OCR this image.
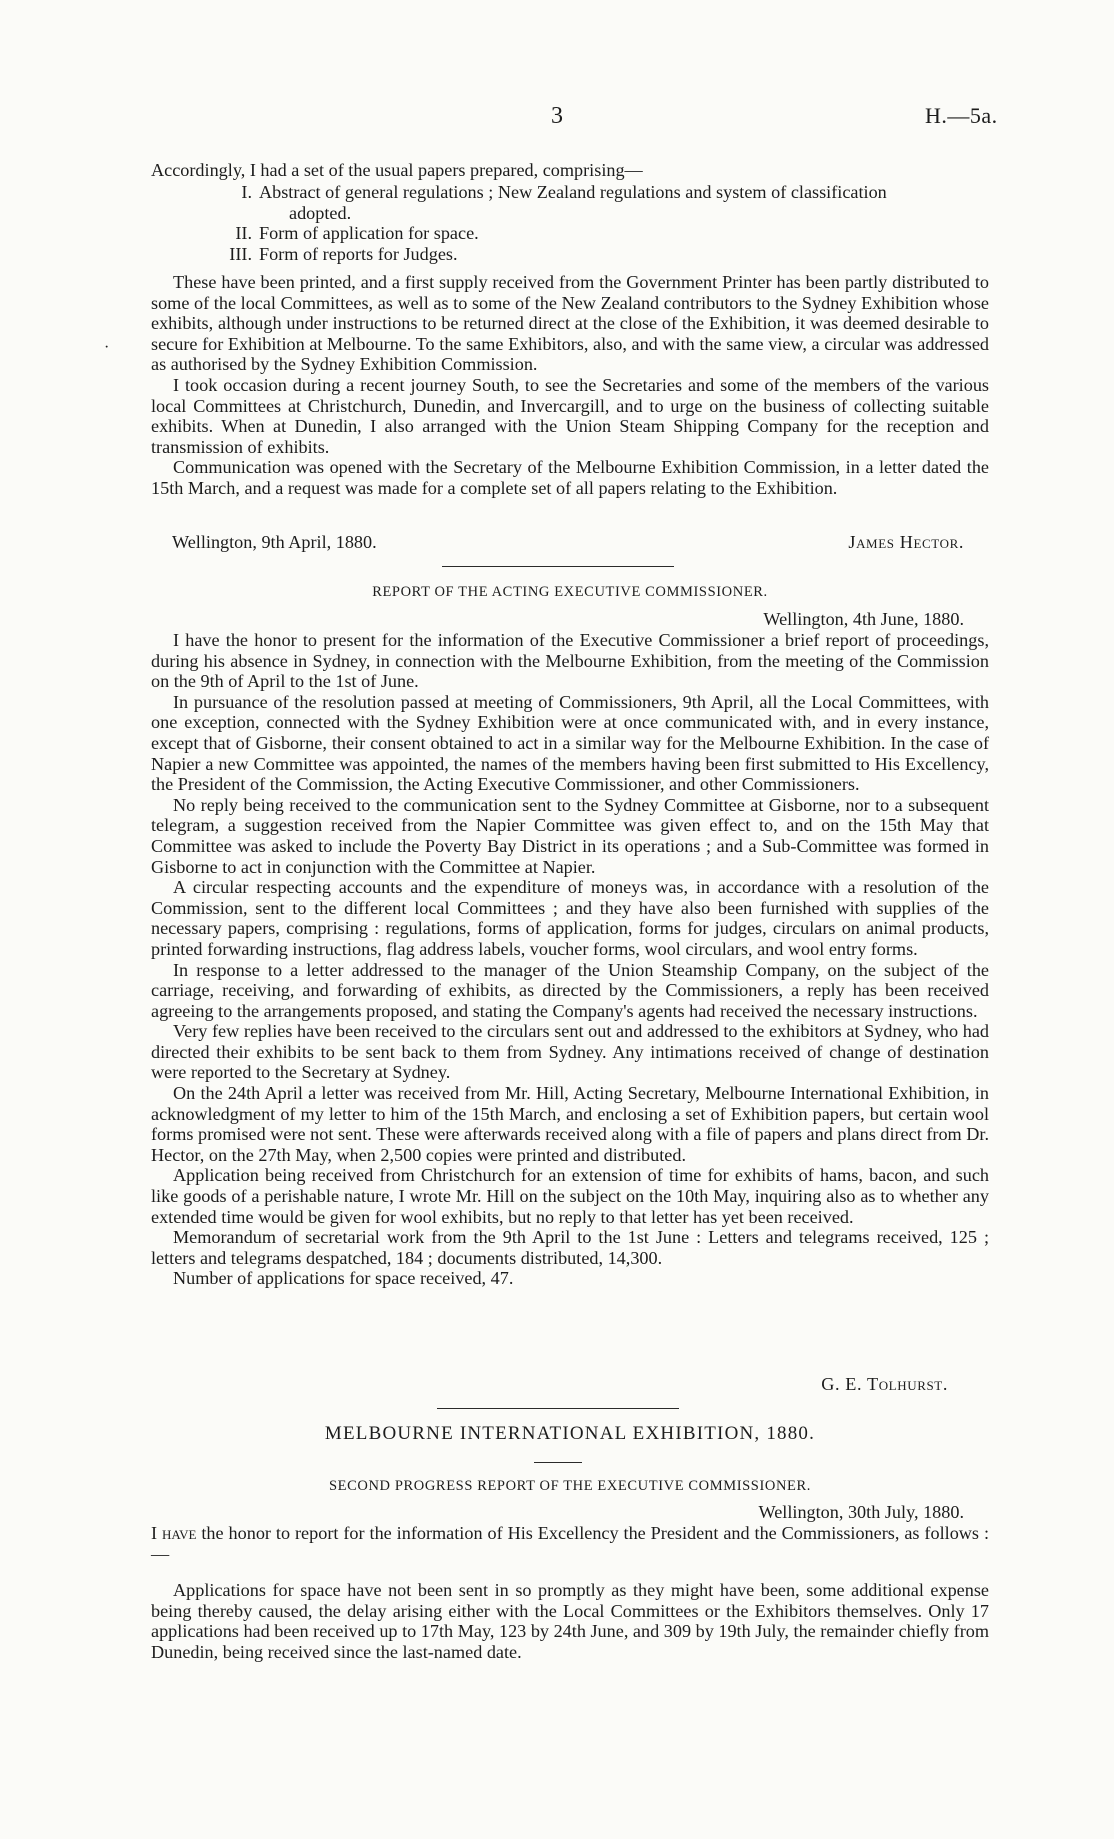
3	H.—5a.

Accordingly, I had a set of the usual papers prepared, comprising—

I. Abstract of general regulations ; New Zealand regulations and system of classification
adopted.

II. Form of application for space.

III. Form of reports for Judges.

·

These have been printed, and a first supply received from the Government Printer has been partly distributed to some of the local Committees, as well as to some of the New Zealand contributors to the Sydney Exhibition whose exhibits, although under instructions to be returned direct at the close of the Exhibition, it was deemed desirable to secure for Exhibition at Melbourne. To the same Exhibitors, also, and with the same view, a circular was addressed as authorised by the Sydney Exhibition Commission.

I took occasion during a recent journey South, to see the Secretaries and some of the members of the various local Committees at Christchurch, Dunedin, and Invercargill, and to urge on the business of collecting suitable exhibits. When at Dunedin, I also arranged with the Union Steam Shipping Company for the reception and transmission of exhibits.

Communication was opened with the Secretary of the Melbourne Exhibition Commission, in a letter dated the 15th March, and a request was made for a complete set of all papers relating to the Exhibition.

Wellington, 9th April, 1880.	James Hector.
REPORT OF THE ACTING EXECUTIVE COMMISSIONER.
Wellington, 4th June, 1880.

I have the honor to present for the information of the Executive Commissioner a brief report of proceedings, during his absence in Sydney, in connection with the Melbourne Exhibition, from the meeting of the Commission on the 9th of April to the 1st of June.

In pursuance of the resolution passed at meeting of Commissioners, 9th April, all the Local Committees, with one exception, connected with the Sydney Exhibition were at once communicated with, and in every instance, except that of Gisborne, their consent obtained to act in a similar way for the Melbourne Exhibition. In the case of Napier a new Committee was appointed, the names of the members having been first submitted to His Excellency, the President of the Commission, the Acting Executive Commissioner, and other Commissioners.

No reply being received to the communication sent to the Sydney Committee at Gisborne, nor to a subsequent telegram, a suggestion received from the Napier Committee was given effect to, and on the 15th May that Committee was asked to include the Poverty Bay District in its operations ; and a Sub-Committee was formed in Gisborne to act in conjunction with the Committee at Napier.

A circular respecting accounts and the expenditure of moneys was, in accordance with a resolution of the Commission, sent to the different local Committees ; and they have also been furnished with supplies of the necessary papers, comprising : regulations, forms of application, forms for judges, circulars on animal products, printed forwarding instructions, flag address labels, voucher forms, wool circulars, and wool entry forms.

In response to a letter addressed to the manager of the Union Steamship Company, on the subject of the carriage, receiving, and forwarding of exhibits, as directed by the Commissioners, a reply has been received agreeing to the arrangements proposed, and stating the Company's agents had received the necessary instructions.

Very few replies have been received to the circulars sent out and addressed to the exhibitors at Sydney, who had directed their exhibits to be sent back to them from Sydney. Any intimations received of change of destination were reported to the Secretary at Sydney.

On the 24th April a letter was received from Mr. Hill, Acting Secretary, Melbourne International Exhibition, in acknowledgment of my letter to him of the 15th March, and enclosing a set of Exhibition papers, but certain wool forms promised were not sent. These were afterwards received along with a file of papers and plans direct from Dr. Hector, on the 27th May, when 2,500 copies were printed and distributed.

Application being received from Christchurch for an extension of time for exhibits of hams, bacon, and such like goods of a perishable nature, I wrote Mr. Hill on the subject on the 10th May, inquiring also as to whether any extended time would be given for wool exhibits, but no reply to that letter has yet been received.

Memorandum of secretarial work from the 9th April to the 1st June : Letters and telegrams received, 125 ; letters and telegrams despatched, 184 ; documents distributed, 14,300.

Number of applications for space received, 47.

G. E. Tolhurst.
MELBOURNE INTERNATIONAL EXHIBITION, 1880.
SECOND PROGRESS REPORT OF THE EXECUTIVE COMMISSIONER.
Wellington, 30th July, 1880.

I have the honor to report for the information of His Excellency the President and the Commissioners, as follows :—

Applications for space have not been sent in so promptly as they might have been, some additional expense being thereby caused, the delay arising either with the Local Committees or the Exhibitors themselves. Only 17 applications had been received up to 17th May, 123 by 24th June, and 309 by 19th July, the remainder chiefly from Dunedin, being received since the last-named date.
